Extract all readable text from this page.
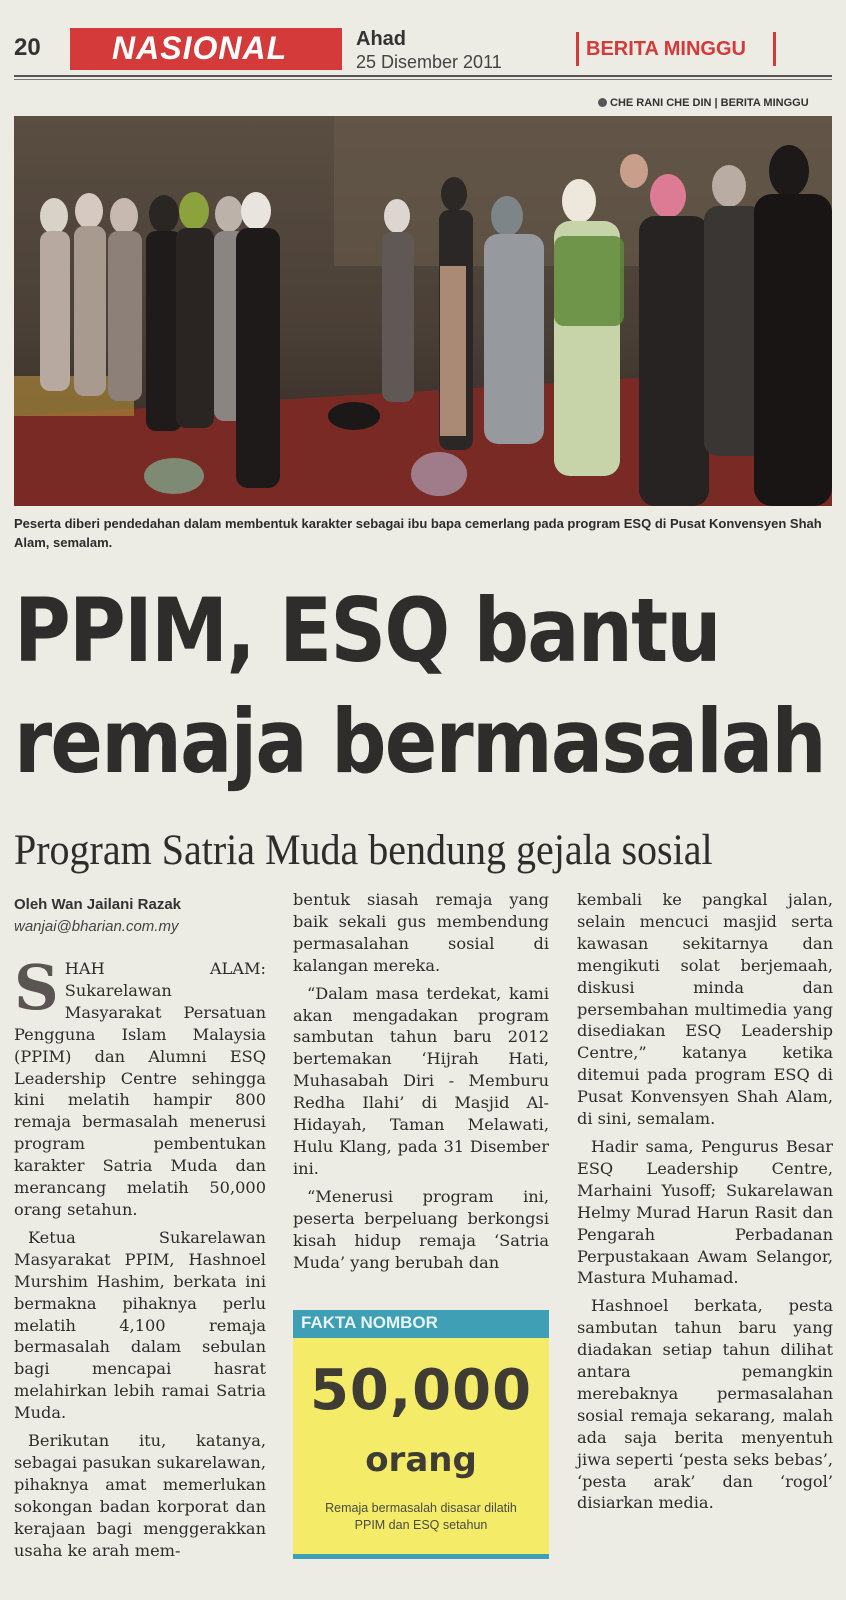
20 NASIONAL	Ahad
25 Disember 2011
BERITA MINGGU
CHE RANI CHE DIN | BERITA MINGGU
Peserta diberi pendedahan dalam membentuk karakter sebagai ibu bapa cemerlang pada program ESQ di Pusat Konvensyen Shah Alam, semalam.
PPIM, ESQ bantu
remaja bermasalah
Program Satria Muda bendung gejala sosial
Oleh Wan Jailani Razak
wanjai@bharian.com.my

SHAH ALAM: Sukarelawan Masyarakat Persatuan Pengguna Islam Malaysia (PPIM) dan Alumni ESQ Leadership Centre sehingga kini melatih hampir 800 remaja bermasalah menerusi program pembentukan karakter Satria Muda dan merancang melatih 50,000 orang setahun.

Ketua Sukarelawan Masyarakat PPIM, Hashnoel Murshim Hashim, berkata ini bermakna pihaknya perlu melatih 4,100 remaja bermasalah dalam sebulan bagi mencapai hasrat melahirkan lebih ramai Satria Muda.

Berikutan itu, katanya, sebagai pasukan sukarelawan, pihaknya amat memerlukan sokongan badan korporat dan kerajaan bagi menggerakkan usaha ke arah mem-

bentuk siasah remaja yang baik sekali gus membendung permasalahan sosial di kalangan mereka.

“Dalam masa terdekat, kami akan mengadakan program sambutan tahun baru 2012 bertemakan ‘Hijrah Hati, Muhasabah Diri - Memburu Redha Ilahi’ di Masjid Al-Hidayah, Taman Melawati, Hulu Klang, pada 31 Disember ini.

“Menerusi program ini, peserta berpeluang berkongsi kisah hidup remaja ‘Satria Muda’ yang berubah dan

FAKTA NOMBOR
50,000
orang
Remaja bermasalah disasar dilatih PPIM dan ESQ setahun

kembali ke pangkal jalan, selain mencuci masjid serta kawasan sekitarnya dan mengikuti solat berjemaah, diskusi minda dan persembahan multimedia yang disediakan ESQ Leadership Centre,” katanya ketika ditemui pada program ESQ di Pusat Konvensyen Shah Alam, di sini, semalam.

Hadir sama, Pengurus Besar ESQ Leadership Centre, Marhaini Yusoff; Sukarelawan Helmy Murad Harun Rasit dan Pengarah Perbadanan Perpustakaan Awam Selangor, Mastura Muhamad.

Hashnoel berkata, pesta sambutan tahun baru yang diadakan setiap tahun dilihat antara pemangkin merebaknya permasalahan sosial remaja sekarang, malah ada saja berita menyentuh jiwa seperti ‘pesta seks bebas’, ‘pesta arak’ dan ‘rogol’ disiarkan media.
